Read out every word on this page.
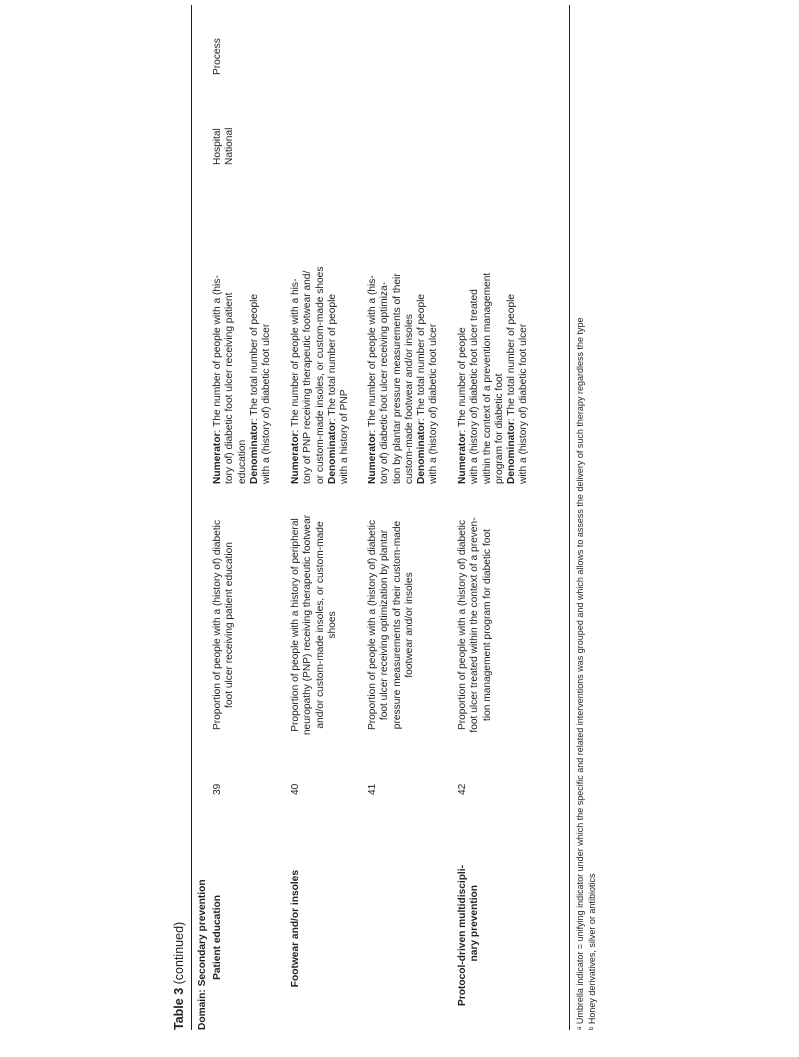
Table 3 (continued) Domain: Secondary prevention Patient education
39
Proportion of people with a (history of) diabetic foot ulcer receiving patient education
Numerator: The number of people with a (his- tory of) diabetic foot ulcer receiving patient education Denominator: The total number of people with a (history of) diabetic foot ulcer
Hospital National
Process
Footwear and/or insoles
40
Proportion of people with a history of peripheral neuropathy (PNP) receiving therapeutic footwear and/or custom-made insoles, or custom-made shoes
Numerator: The number of people with a his- tory of PNP receiving therapeutic footwear and/ or custom-made insoles, or custom-made shoes Denominator: The total number of people
with a history of PNP
41
Proportion of people with a (history of) diabetic foot ulcer receiving optimization by plantar pressure measurements of their custom-made footwear and/or insoles
Numerator: The number of people with a (his- tory of) diabetic foot ulcer receiving optimiza- tion by plantar pressure measurements of their custom-made footwear and/or insoles Denominator: The total number of people with a (history of) diabetic foot ulcer
Protocol-driven multidiscipli- nary prevention
42
Proportion of people with a (history of) diabetic foot ulcer treated within the context of a preven- tion management program for diabetic foot
Numerator: The number of people with a (history of) diabetic foot ulcer treated within the context of a prevention management program for diabetic foot Denominator: The total number of people with a (history of) diabetic foot ulcer	ᵃ Umbrella indicator = unifying indicator under which the specific and related interventions was grouped and which allows to assess the delivery of such therapy regardless the type ᵇ Honey derivatives, silver or antibiotics
